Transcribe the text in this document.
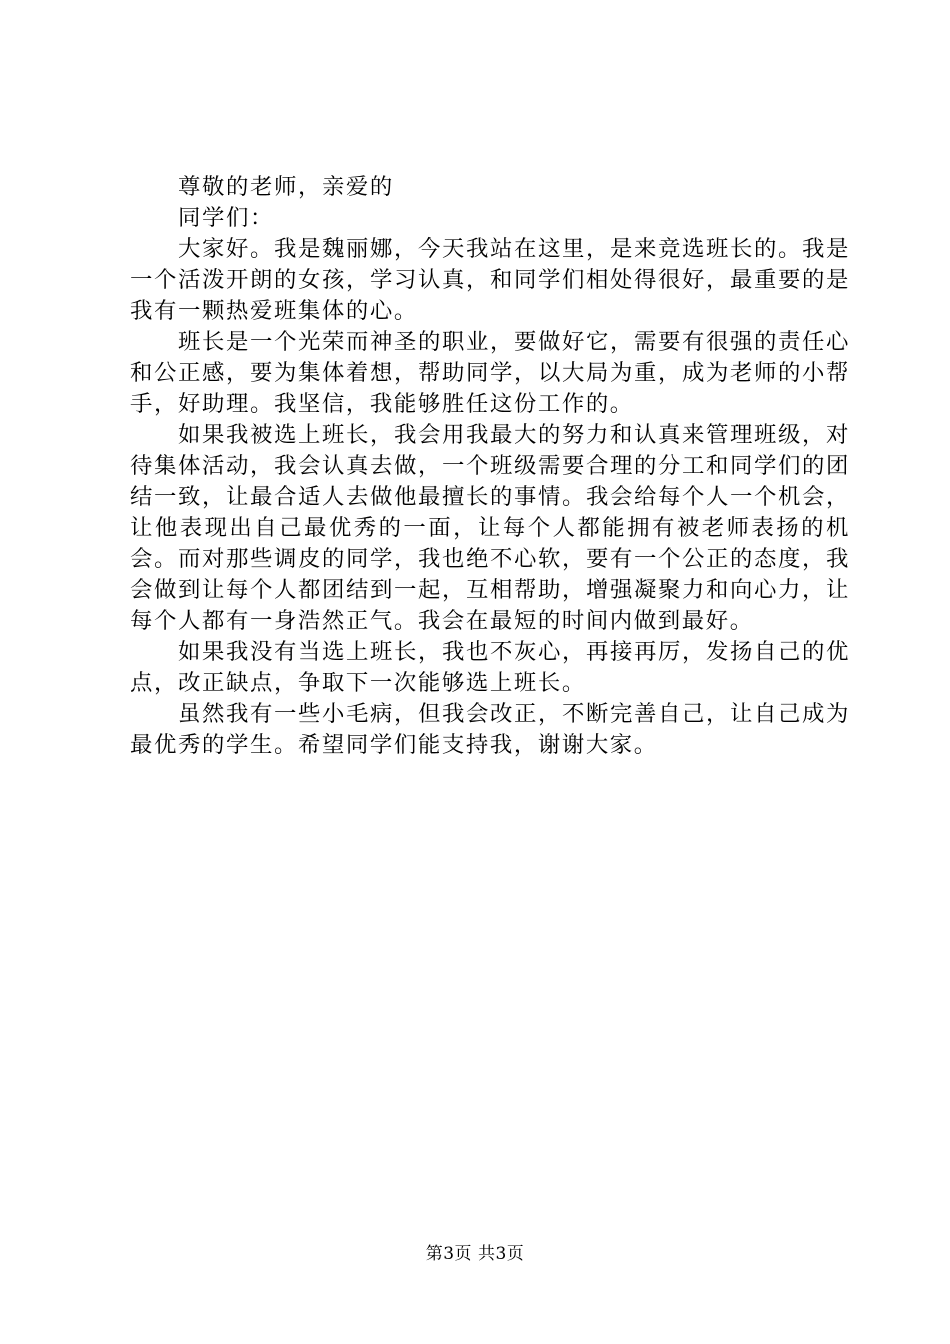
尊敬的老师，亲爱的

同学们：

大家好。我是魏丽娜，今天我站在这里，是来竞选班长的。我是一个活泼开朗的女孩，学习认真，和同学们相处得很好，最重要的是我有一颗热爱班集体的心。

班长是一个光荣而神圣的职业，要做好它，需要有很强的责任心和公正感，要为集体着想，帮助同学，以大局为重，成为老师的小帮手，好助理。我坚信，我能够胜任这份工作的。

如果我被选上班长，我会用我最大的努力和认真来管理班级，对待集体活动，我会认真去做，一个班级需要合理的分工和同学们的团结一致，让最合适人去做他最擅长的事情。我会给每个人一个机会，让他表现出自己最优秀的一面，让每个人都能拥有被老师表扬的机会。而对那些调皮的同学，我也绝不心软，要有一个公正的态度，我会做到让每个人都团结到一起，互相帮助，增强凝聚力和向心力，让每个人都有一身浩然正气。我会在最短的时间内做到最好。

如果我没有当选上班长，我也不灰心，再接再厉，发扬自己的优点，改正缺点，争取下一次能够选上班长。

虽然我有一些小毛病，但我会改正，不断完善自己，让自己成为最优秀的学生。希望同学们能支持我，谢谢大家。

第3页 共3页
